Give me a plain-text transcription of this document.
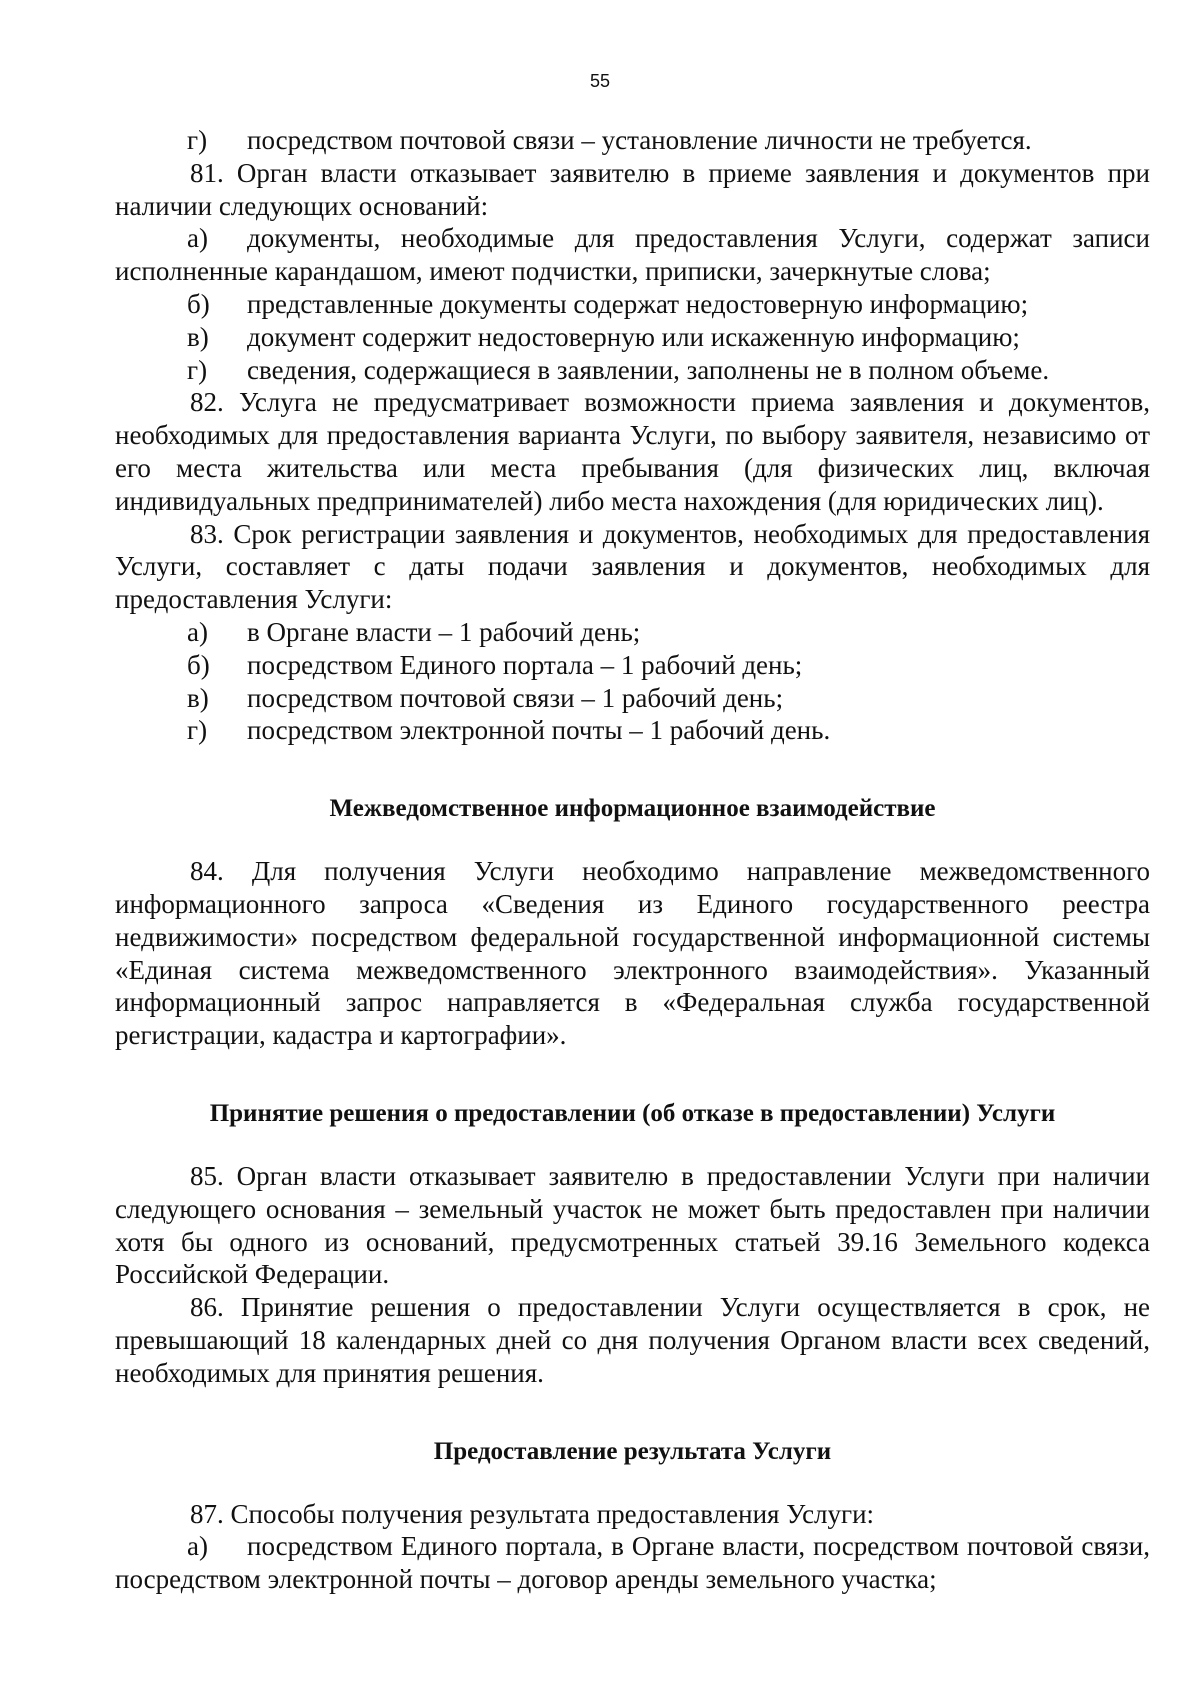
55
г)	посредством почтовой связи – установление личности не требуется.

81. Орган власти отказывает заявителю в приеме заявления и документов при наличии следующих оснований:

а) документы, необходимые для предоставления Услуги, содержат записи исполненные карандашом, имеют подчистки, приписки, зачеркнутые слова;

б)	представленные документы содержат недостоверную информацию;
в)	документ содержит недостоверную или искаженную информацию;
г)	сведения, содержащиеся в заявлении, заполнены не в полном объеме.

82. Услуга не предусматривает возможности приема заявления и документов, необходимых для предоставления варианта Услуги, по выбору заявителя, независимо от его места жительства или места пребывания (для физических лиц, включая индивидуальных предпринимателей) либо места нахождения (для юридических лиц).

83. Срок регистрации заявления и документов, необходимых для предоставления Услуги, составляет с даты подачи заявления и документов, необходимых для предоставления Услуги:

а)	в Органе власти – 1 рабочий день;
б)	посредством Единого портала – 1 рабочий день;
в)	посредством почтовой связи – 1 рабочий день;
г)	посредством электронной почты – 1 рабочий день.
Межведомственное информационное взаимодействие

84. Для получения Услуги необходимо направление межведомственного информационного запроса «Сведения из Единого государственного реестра недвижимости» посредством федеральной государственной информационной системы «Единая система межведомственного электронного взаимодействия». Указанный информационный запрос направляется в «Федеральная служба государственной регистрации, кадастра и картографии».

Принятие решения о предоставлении (об отказе в предоставлении) Услуги

85. Орган власти отказывает заявителю в предоставлении Услуги при наличии следующего основания – земельный участок не может быть предоставлен при наличии хотя бы одного из оснований, предусмотренных статьей 39.16 Земельного кодекса Российской Федерации.

86. Принятие решения о предоставлении Услуги осуществляется в срок, не превышающий 18 календарных дней со дня получения Органом власти всех сведений, необходимых для принятия решения.

Предоставление результата Услуги

87. Способы получения результата предоставления Услуги:

а) посредством Единого портала, в Органе власти, посредством почтовой связи, посредством электронной почты – договор аренды земельного участка;
